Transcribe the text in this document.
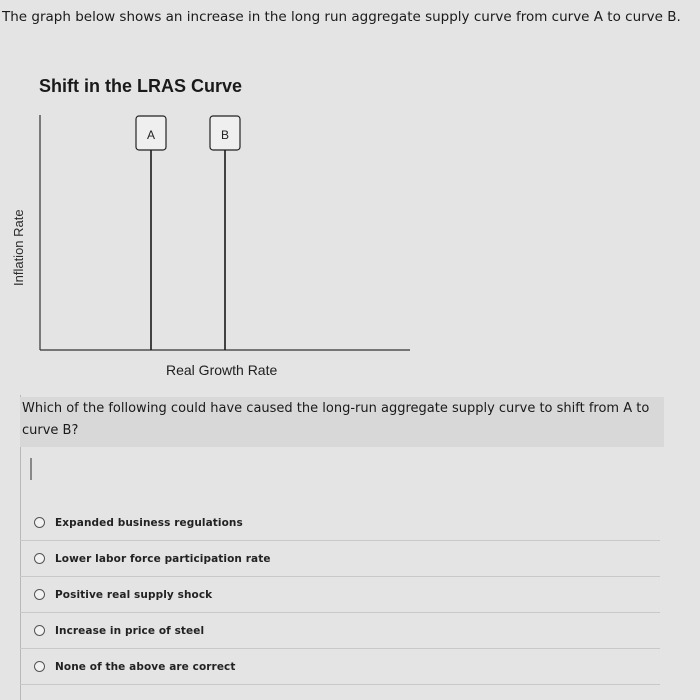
The graph below shows an increase in the long run aggregate supply curve from curve A to curve B.
Shift in the LRAS Curve
A	B
Real Growth Rate
Inflation Rate
Which of the following could have caused the long-run aggregate supply curve to shift from A to curve B?
Expanded business regulations
Lower labor force participation rate
Positive real supply shock
Increase in price of steel
None of the above are correct
